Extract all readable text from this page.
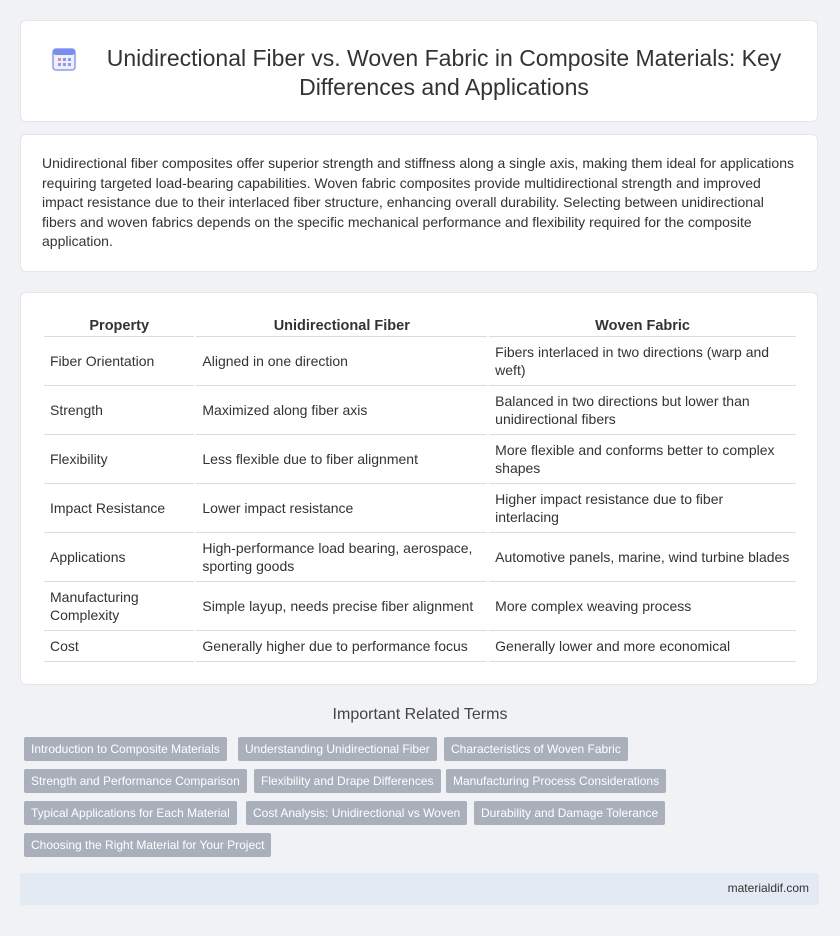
Unidirectional Fiber vs. Woven Fabric in Composite Materials: Key Differences and Applications

Unidirectional fiber composites offer superior strength and stiffness along a single axis, making them ideal for applications requiring targeted load-bearing capabilities. Woven fabric composites provide multidirectional strength and improved impact resistance due to their interlaced fiber structure, enhancing overall durability. Selecting between unidirectional fibers and woven fabrics depends on the specific mechanical performance and flexibility required for the composite application.

Property	Unidirectional Fiber	Woven Fabric
Fiber Orientation	Aligned in one direction	Fibers interlaced in two directions (warp and weft)
Strength	Maximized along fiber axis	Balanced in two directions but lower than unidirectional fibers
Flexibility	Less flexible due to fiber alignment	More flexible and conforms better to complex shapes
Impact Resistance	Lower impact resistance	Higher impact resistance due to fiber interlacing
Applications	High-performance load bearing, aerospace, sporting goods	Automotive panels, marine, wind turbine blades
Manufacturing Complexity	Simple layup, needs precise fiber alignment	More complex weaving process
Cost	Generally higher due to performance focus	Generally lower and more economical
Important Related Terms
Introduction to Composite Materials	Understanding Unidirectional Fiber	Characteristics of Woven Fabric
Strength and Performance Comparison	Flexibility and Drape Differences	Manufacturing Process Considerations
Typical Applications for Each Material	Cost Analysis: Unidirectional vs Woven	Durability and Damage Tolerance
Choosing the Right Material for Your Project
materialdif.com
